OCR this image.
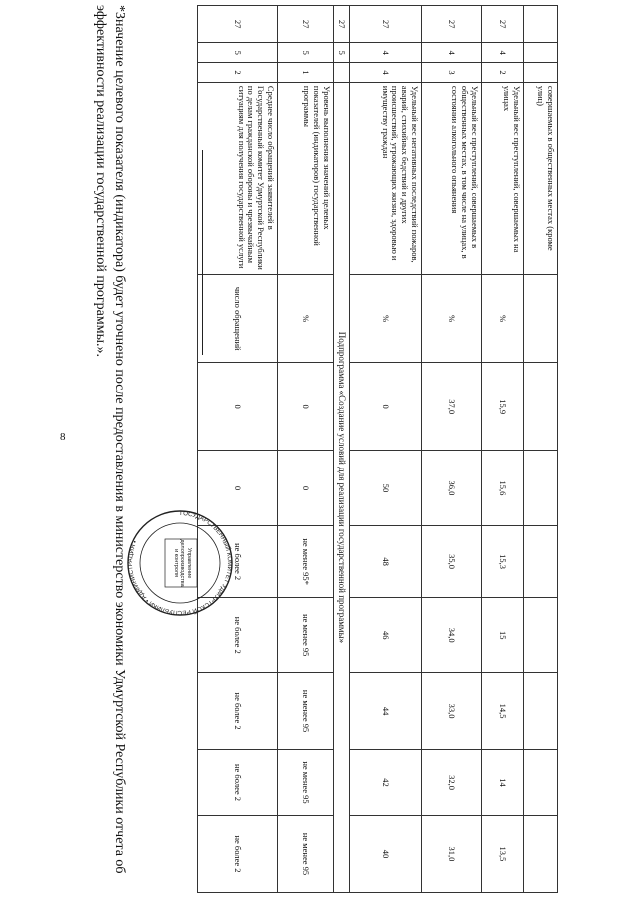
8
			совершаемых в общественных местах (кроме улиц)								
27	4	2	Удельный вес преступлений, совершаемых на улицах	%	15,9	15,6	15,3	15	14,5	14	13,5
27	4	3	Удельный вес преступлений, совершаемых в общественных местах, в том числе на улицах, в состоянии алкогольного опьянения	%	37,0	36,0	35,0	34,0	33,0	32,0	31,0
27	4	4	Удельный вес негативных последствий пожаров, аварий, стихийных бедствий и других происшествий, угрожающих жизни, здоровью и имуществу граждан	%	0	50	48	46	44	42	40
27	5		Подпрограмма «Создание условий для реализации государственной программы»								
27	5	1	Уровень выполнения значений целевых показателей (индикаторов) государственной программы	%	0	0	не менее 95*	не менее 95	не менее 95	не менее 95	не менее 95
27	5	2	Среднее число обращений заявителей в Государственный комитет Удмуртской Республики по делам гражданской обороны и чрезвычайным ситуациям для получения государственной услуги	число обращений	0	0	не более 2	не более 2	не более 2	не более 2	не более 2
ГОСУДАРСТВЕННЫЙ КОМИТЕТ УДМУРТСКОЙ РЕСПУБЛИКИ • АДМИНИСТРАЦИЯ •
Управление делопроизводства и контроля
*Значение целевого показателя (индикатора) будет уточнено после предоставления в министерство экономики Удмуртской Республики отчета об эффективности реализации государственной программы.».
